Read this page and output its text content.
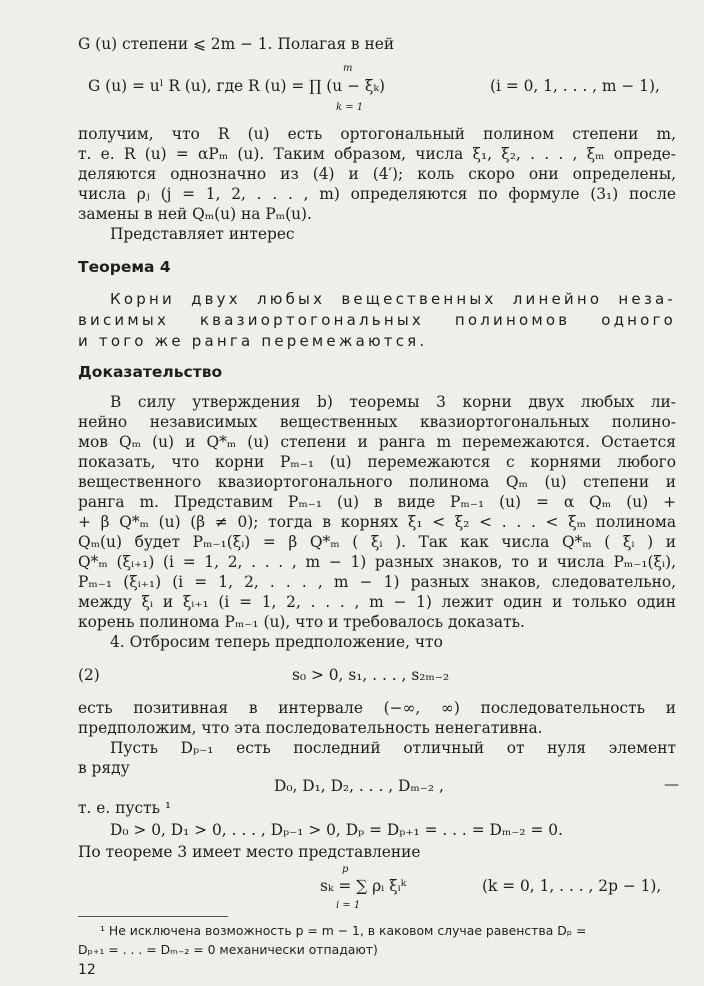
G (u) степени ⩽ 2m − 1. Полагая в ней
m
G (u) = uˡ R (u), где R (u) = ∏ (u − ξₖ)	(i = 0, 1, . . . , m − 1),
k = 1
получим, что R (u) есть ортогональный полином степени m,
т. е. R (u) = αPₘ (u). Таким образом, числа ξ₁, ξ₂, . . . , ξₘ опреде-
деляются однозначно из (4) и (4′); коль скоро они определены,
числа ρⱼ (j = 1, 2, . . . , m) определяются по формуле (3₁) после
замены в ней Qₘ(u) на Pₘ(u).
Представляет интерес
Теорема 4
Корни двух любых вещественных линейно неза-
висимых квазиортогональных полиномов одного
и того же ранга перемежаются.
Доказательство
В силу утверждения b) теоремы 3 корни двух любых ли-
нейно независимых вещественных квазиортогональных полино-
мов Qₘ (u) и Q*ₘ (u) степени и ранга m перемежаются. Остается
показать, что корни Pₘ₋₁ (u) перемежаются с корнями любого
вещественного квазиортогонального полинома Qₘ (u) степени и
ранга m. Представим Pₘ₋₁ (u) в виде Pₘ₋₁ (u) = α Qₘ (u) +
+ β Q*ₘ (u) (β ≠ 0); тогда в корнях ξ₁ < ξ₂ < . . . < ξₘ полинома
Qₘ(u) будет Pₘ₋₁(ξᵢ) = β Q*ₘ ( ξᵢ ). Так как числа Q*ₘ ( ξᵢ ) и
Q*ₘ (ξᵢ₊₁) (i = 1, 2, . . . , m − 1) разных знаков, то и числа Pₘ₋₁(ξᵢ),
Pₘ₋₁ (ξᵢ₊₁) (i = 1, 2, . . . , m − 1) разных знаков, следовательно,
между ξᵢ и ξᵢ₊₁ (i = 1, 2, . . . , m − 1) лежит один и только один
корень полинома Pₘ₋₁ (u), что и требовалось доказать.
4. Отбросим теперь предположение, что
(2)	s₀ > 0, s₁, . . . , s₂ₘ₋₂
есть позитивная в интервале (−∞, ∞) последовательность и
предположим, что эта последовательность ненегативна.
Пусть Dₚ₋₁ есть последний отличный от нуля элемент
в ряду
D₀, D₁, D₂, . . . , Dₘ₋₂ ,
т. е. пусть ¹
D₀ > 0, D₁ > 0, . . . , Dₚ₋₁ > 0, Dₚ = Dₚ₊₁ = . . . = Dₘ₋₂ = 0.
—
По теореме 3 имеет место представление
p
sₖ = ∑ ρᵢ ξᵢᵏ	(k = 0, 1, . . . , 2p − 1),
i = 1
¹ Не исключена возможность p = m − 1, в каковом случае равенства Dₚ =
Dₚ₊₁ = . . . = Dₘ₋₂ = 0 механически отпадают)
12
